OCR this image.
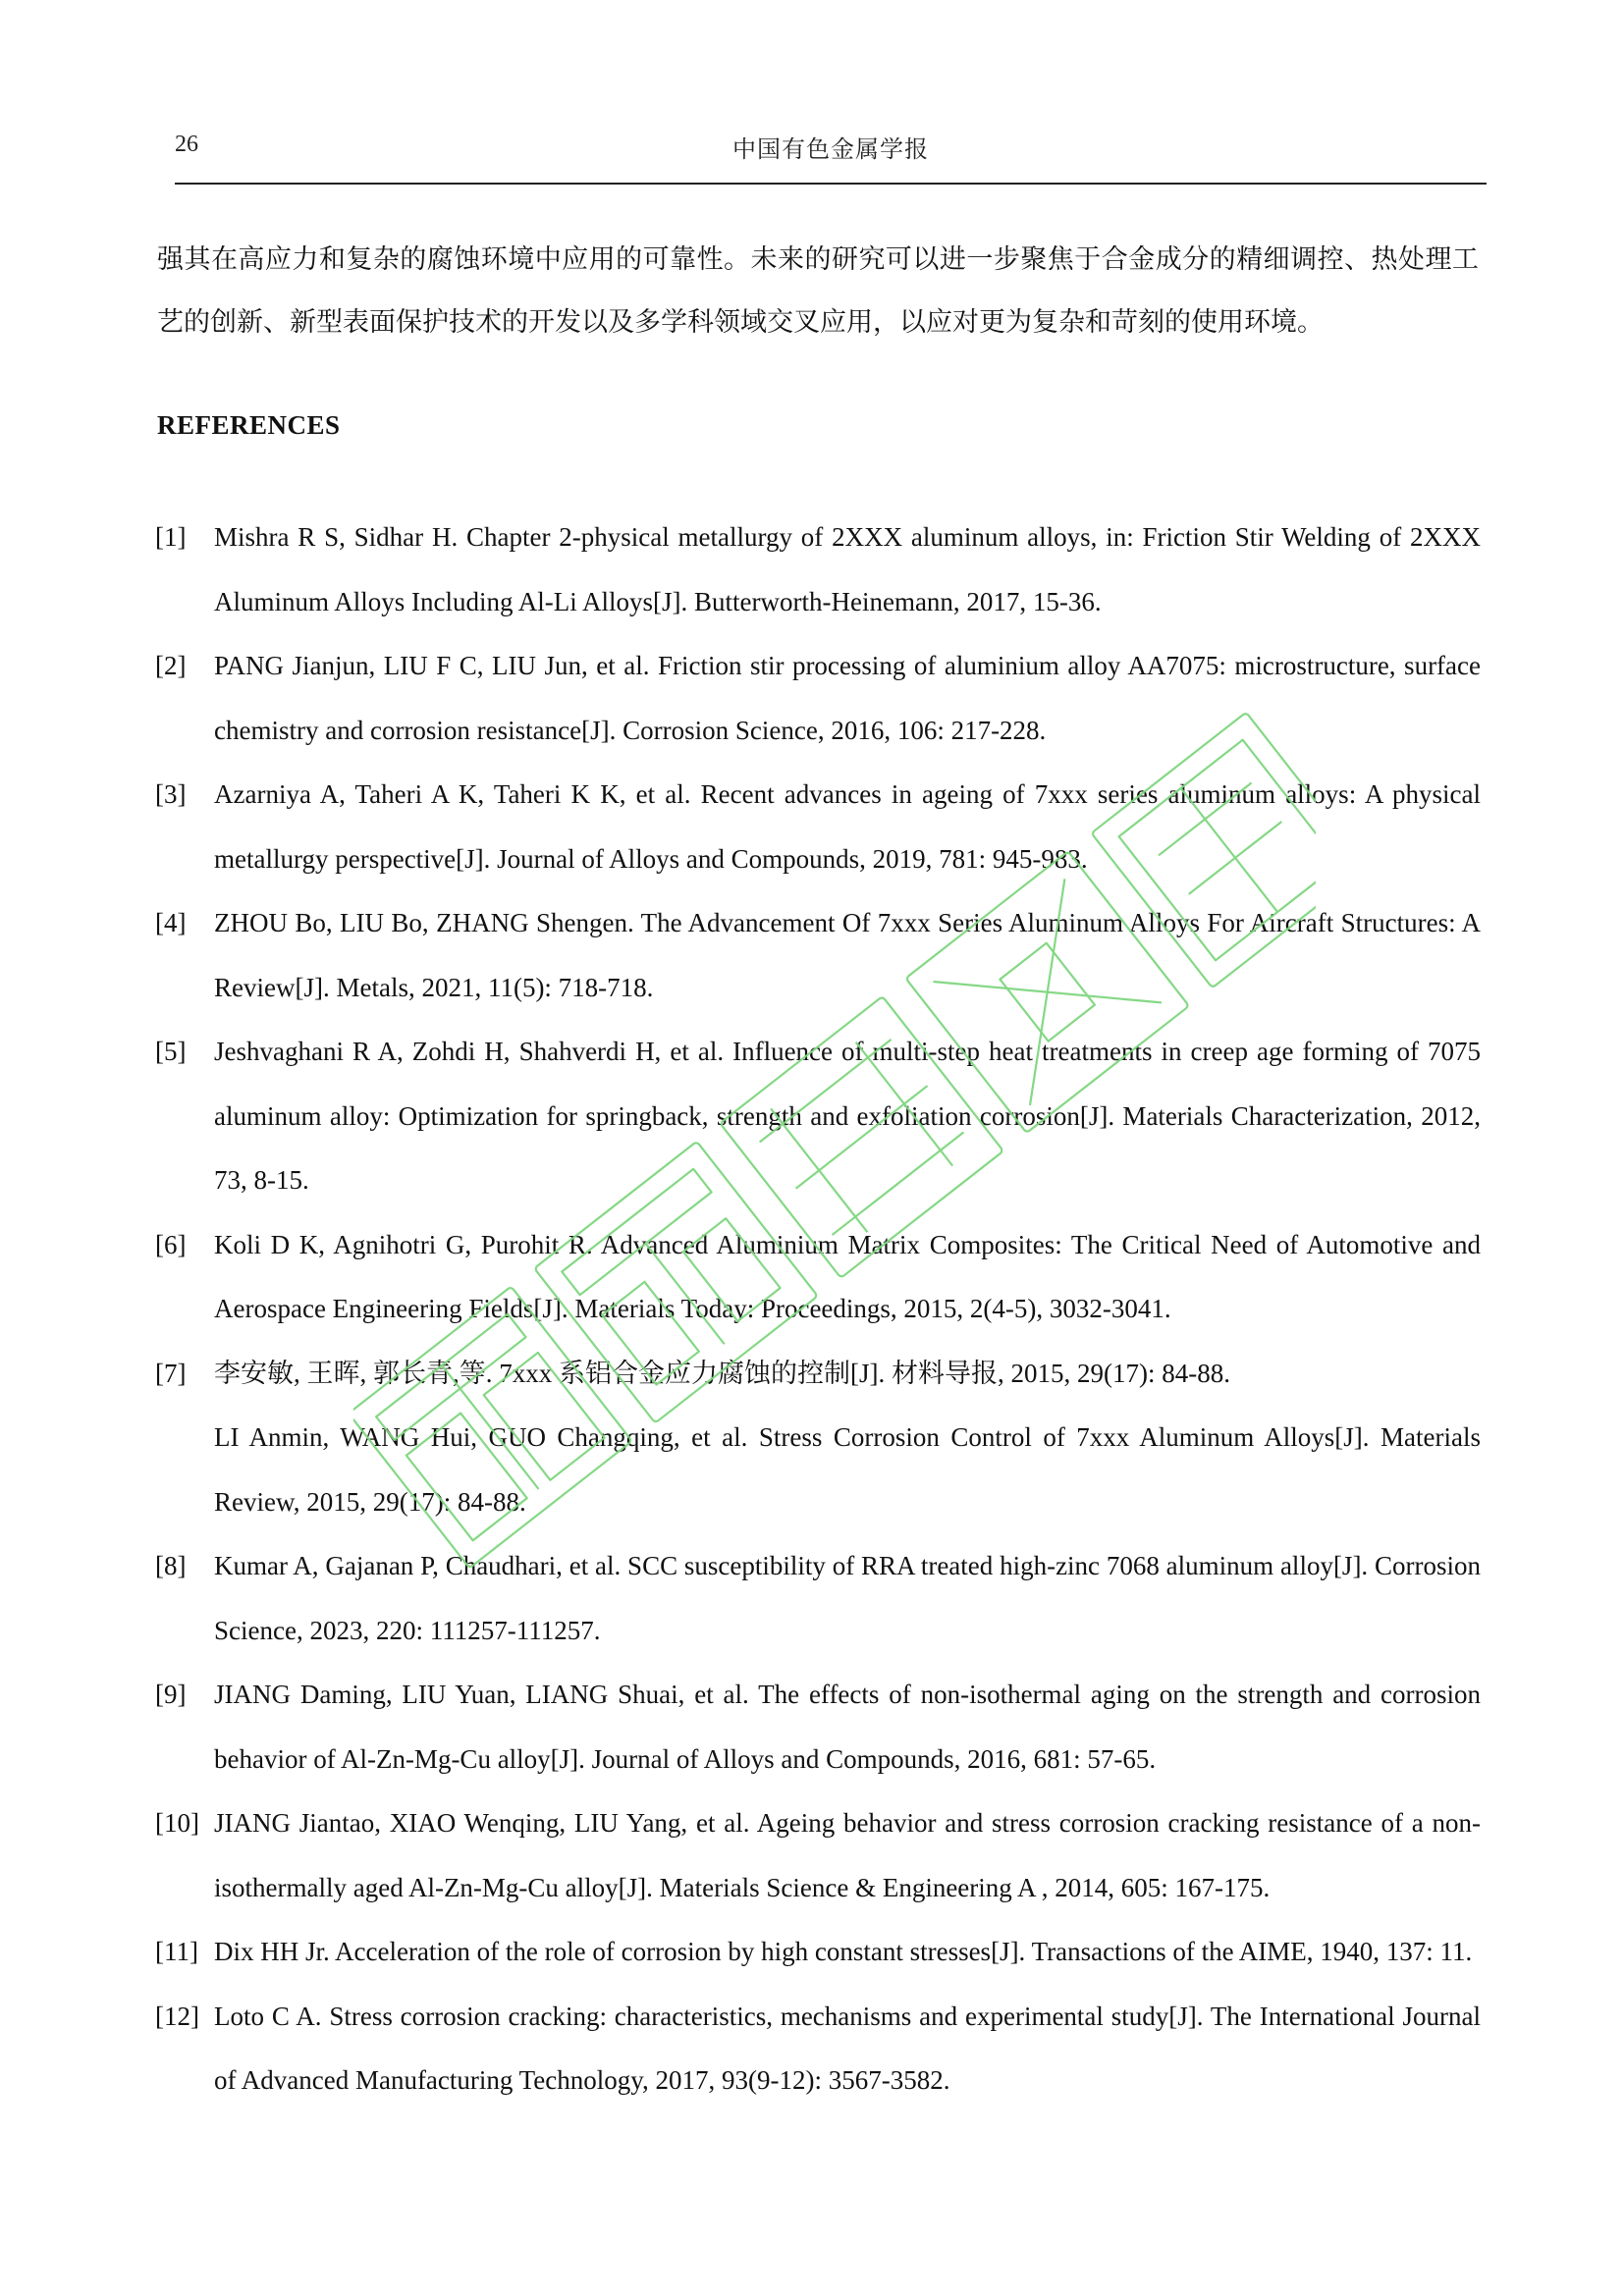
26	中国有色金属学报

强其在高应力和复杂的腐蚀环境中应用的可靠性。未来的研究可以进一步聚焦于合金成分的精细调控、热处理工艺的创新、新型表面保护技术的开发以及多学科领域交叉应用，以应对更为复杂和苛刻的使用环境。

REFERENCES
[1] Mishra R S, Sidhar H. Chapter 2-physical metallurgy of 2XXX aluminum alloys, in: Friction Stir Welding of 2XXX Aluminum Alloys Including Al-Li Alloys[J]. Butterworth-Heinemann, 2017, 15-36.
[2] PANG Jianjun, LIU F C, LIU Jun, et al. Friction stir processing of aluminium alloy AA7075: microstructure, surface chemistry and corrosion resistance[J]. Corrosion Science, 2016, 106: 217-228.
[3] Azarniya A, Taheri A K, Taheri K K, et al. Recent advances in ageing of 7xxx series aluminum alloys: A physical metallurgy perspective[J]. Journal of Alloys and Compounds, 2019, 781: 945-983.
[4] ZHOU Bo, LIU Bo, ZHANG Shengen. The Advancement Of 7xxx Series Aluminum Alloys For Aircraft Structures: A Review[J]. Metals, 2021, 11(5): 718-718.
[5] Jeshvaghani R A, Zohdi H, Shahverdi H, et al. Influence of multi-step heat treatments in creep age forming of 7075 aluminum alloy: Optimization for springback, strength and exfoliation corrosion[J]. Materials Characterization, 2012, 73, 8-15.
[6] Koli D K, Agnihotri G, Purohit R. Advanced Aluminium Matrix Composites: The Critical Need of Automotive and Aerospace Engineering Fields[J]. Materials Today: Proceedings, 2015, 2(4-5), 3032-3041.
[7] 李安敏, 王晖, 郭长青,等. 7xxx 系铝合金应力腐蚀的控制[J]. 材料导报, 2015, 29(17): 84-88.
LI Anmin, WANG Hui, GUO Changqing, et al. Stress Corrosion Control of 7xxx Aluminum Alloys[J]. Materials Review, 2015, 29(17): 84-88.
[8] Kumar A, Gajanan P, Chaudhari, et al. SCC susceptibility of RRA treated high-zinc 7068 aluminum alloy[J]. Corrosion Science, 2023, 220: 111257-111257.
[9] JIANG Daming, LIU Yuan, LIANG Shuai, et al. The effects of non-isothermal aging on the strength and corrosion behavior of Al-Zn-Mg-Cu alloy[J]. Journal of Alloys and Compounds, 2016, 681: 57-65.
[10] JIANG Jiantao, XIAO Wenqing, LIU Yang, et al. Ageing behavior and stress corrosion cracking resistance of a non-isothermally aged Al-Zn-Mg-Cu alloy[J]. Materials Science & Engineering A , 2014, 605: 167-175.
[11] Dix HH Jr. Acceleration of the role of corrosion by high constant stresses[J]. Transactions of the AIME, 1940, 137: 11.
[12] Loto C A. Stress corrosion cracking: characteristics, mechanisms and experimental study[J]. The International Journal of Advanced Manufacturing Technology, 2017, 93(9-12): 3567-3582.
